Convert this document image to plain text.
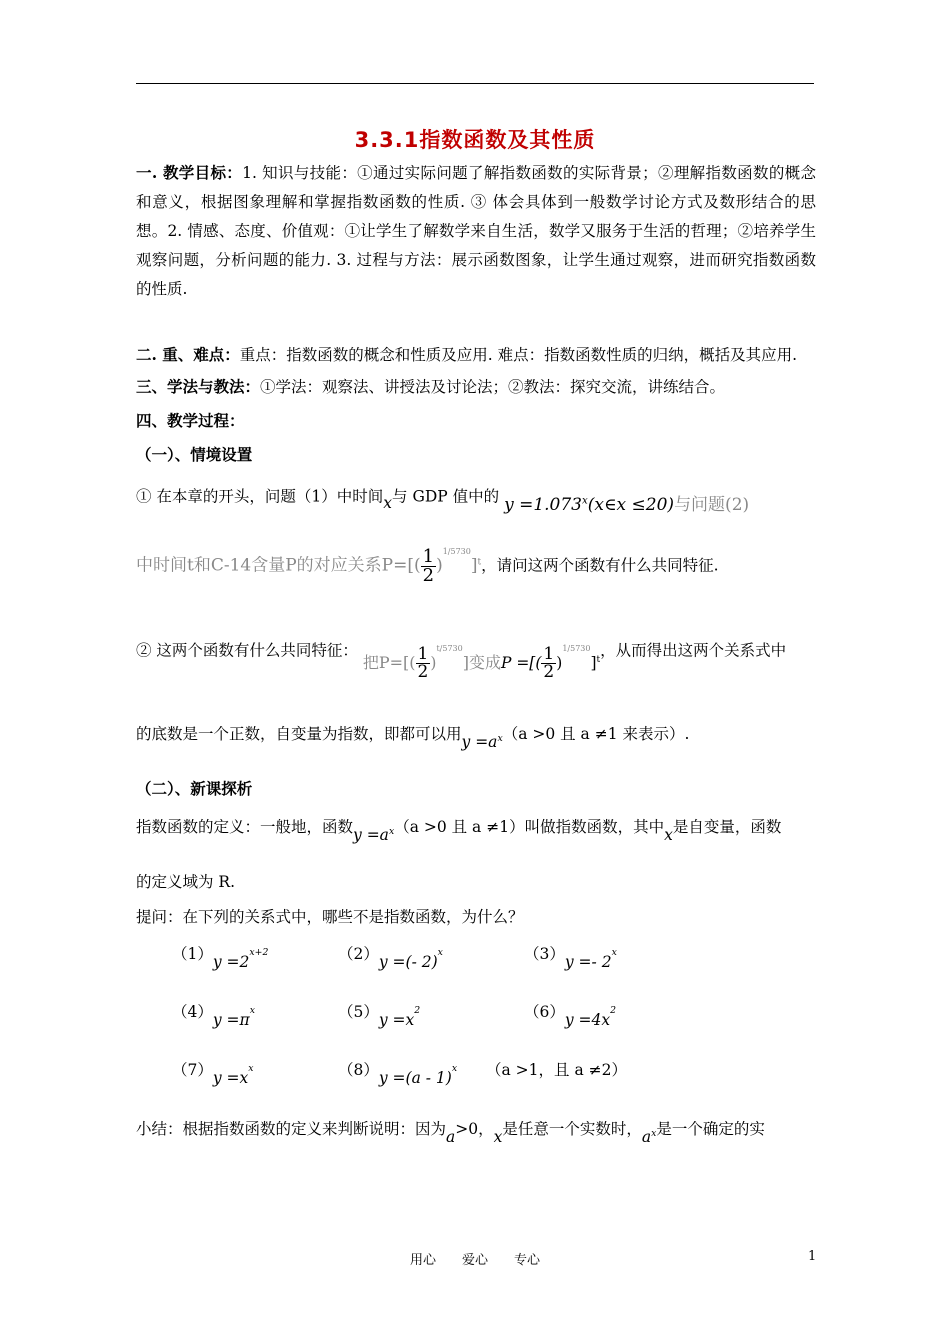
3.3.1指数函数及其性质

一. 教学目标：1. 知识与技能：①通过实际问题了解指数函数的实际背景；②理解指数函数的概念和意义，根据图象理解和掌握指数函数的性质. ③ 体会具体到一般数学讨论方式及数形结合的思想。2. 情感、态度、价值观：①让学生了解数学来自生活，数学又服务于生活的哲理；②培养学生观察问题，分析问题的能力. 3. 过程与方法：展示函数图象，让学生通过观察，进而研究指数函数的性质.

二. 重、难点：重点：指数函数的概念和性质及应用. 难点：指数函数性质的归纳，概括及其应用.
三、学法与教法：①学法：观察法、讲授法及讨论法；②教法：探究交流，讲练结合。
四、教学过程：
（一）、情境设置
① 在本章的开头，问题（1）中时间x与 GDP 值中的 $y =1.073^x(x\in x \le 20)$与问题(2)
中时间t和C-14含量P的对应关系$P=[( \frac{1}{2} )^{1/5730}]^t$，请问这两个函数有什么共同特征.
② 这两个函数有什么共同特征： 把$P=[( \frac{1}{2} )^{t/5730}]$变成P =[( $\frac{1}{2} )^{1/5730}]^t$，从而得出这两个关系式中
的底数是一个正数，自变量为指数，即都可以用$y =a^x(a >0$ 且 a ≠1 来表示）.
（二）、新课探析
指数函数的定义：一般地，函数$y =a^x(a >0$ 且 a ≠1）叫做指数函数，其中x是自变量，函数
的定义域为 R.
提问：在下列的关系式中，哪些不是指数函数，为什么？
$(1)y =2^{x+2}$	（2）y =(- 2)$^x$	（3）y =- 2$^x$
$(4)y =\pi^x$	$(5)y =x^2$	$(6)y =4x^2$
$(7)y =x^x$	（8）y =(a - 1)$^x$ （a >1，且 a ≠2）
小结：根据指数函数的定义来判断说明：因为a>0，x是任意一个实数时，$a^x$是一个确定的实
用心　　爱心　　专心	1
